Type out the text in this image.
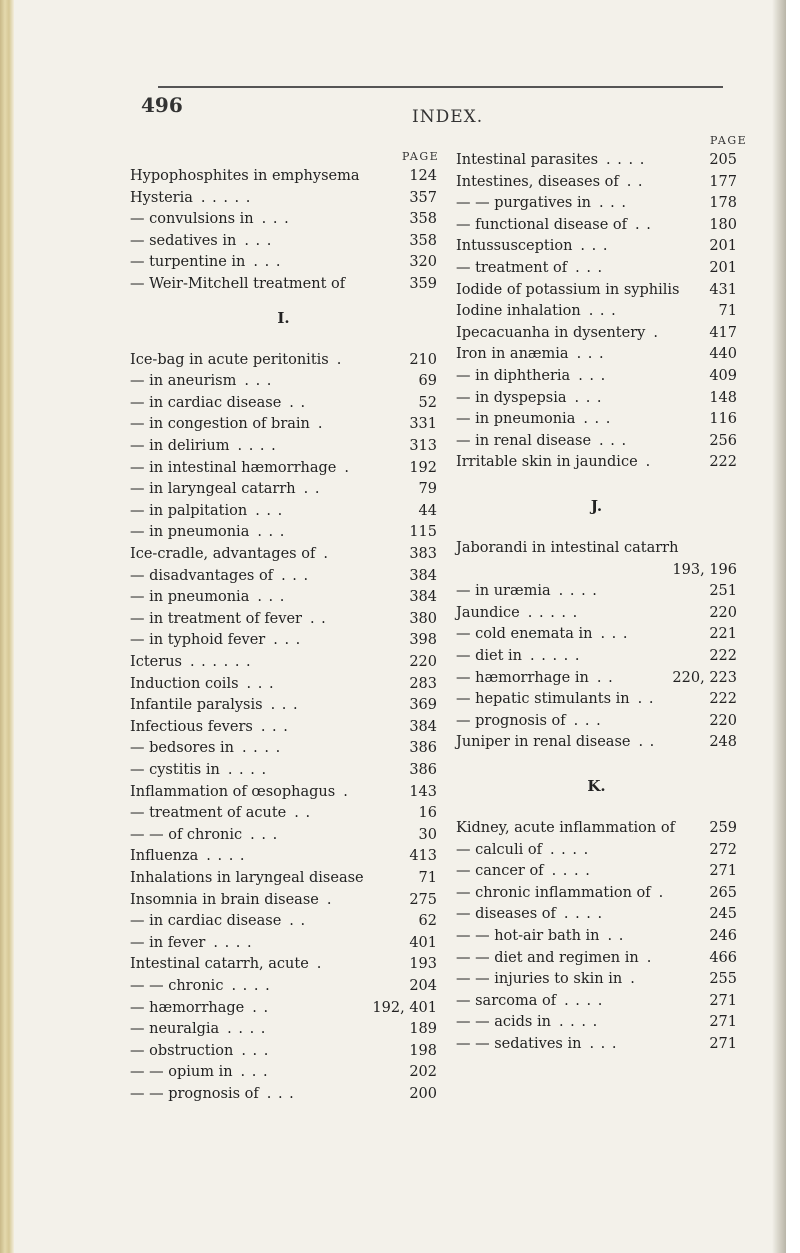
496	INDEX.
PAGE
Hypophosphites in emphysema	124
Hysteria . . . . .	357
— convulsions in . . .	358
— sedatives in . . .	358
— turpentine in . . .	320
— Weir-Mitchell treatment of	359
I.
Ice-bag in acute peritonitis .	210
— in aneurism . . .	69
— in cardiac disease . .	52
— in congestion of brain .	331
— in delirium . . . .	313
— in intestinal hæmorrhage .	192
— in laryngeal catarrh . .	79
— in palpitation . . .	44
— in pneumonia . . .	115
Ice-cradle, advantages of .	383
— disadvantages of . . .	384
— in pneumonia . . .	384
— in treatment of fever . .	380
— in typhoid fever . . .	398
Icterus . . . . . .	220
Induction coils . . .	283
Infantile paralysis . . .	369
Infectious fevers . . .	384
— bedsores in . . . .	386
— cystitis in . . . .	386
Inflammation of œsophagus .	143
— treatment of acute . .	16
— — of chronic . . .	30
Influenza . . . .	413
Inhalations in laryngeal disease	71
Insomnia in brain disease .	275
— in cardiac disease . .	62
— in fever . . . .	401
Intestinal catarrh, acute .	193
— — chronic . . . .	204
— hæmorrhage . .	192, 401
— neuralgia . . . .	189
— obstruction . . .	198
— — opium in . . .	202
— — prognosis of . . .	200
PAGE
Intestinal parasites . . . .	205
Intestines, diseases of . .	177
— — purgatives in . . .	178
— functional disease of . .	180
Intussusception . . .	201
— treatment of . . .	201
Iodide of potassium in syphilis 431
Iodine inhalation . . .	71
Ipecacuanha in dysentery .	417
Iron in anæmia . . .	440
— in diphtheria . . .	409
— in dyspepsia . . .	148
— in pneumonia . . .	116
— in renal disease . . .	256
Irritable skin in jaundice .	222
J.
Jaborandi in intestinal catarrh
193, 196
— in uræmia . . . .	251
Jaundice . . . . .	220
— cold enemata in . . .	221
— diet in . . . . .	222
— hæmorrhage in . .	220, 223
— hepatic stimulants in . .	222
— prognosis of . . .	220
Juniper in renal disease . .	248
K.
Kidney, acute inflammation of 259
— calculi of . . . .	272
— cancer of . . . .	271
— chronic inflammation of .	265
— diseases of . . . .	245
— — hot-air bath in . .	246
— — diet and regimen in .	466
— — injuries to skin in .	255
— sarcoma of . . . .	271
— — acids in . . . .	271
— — sedatives in . . .	271
